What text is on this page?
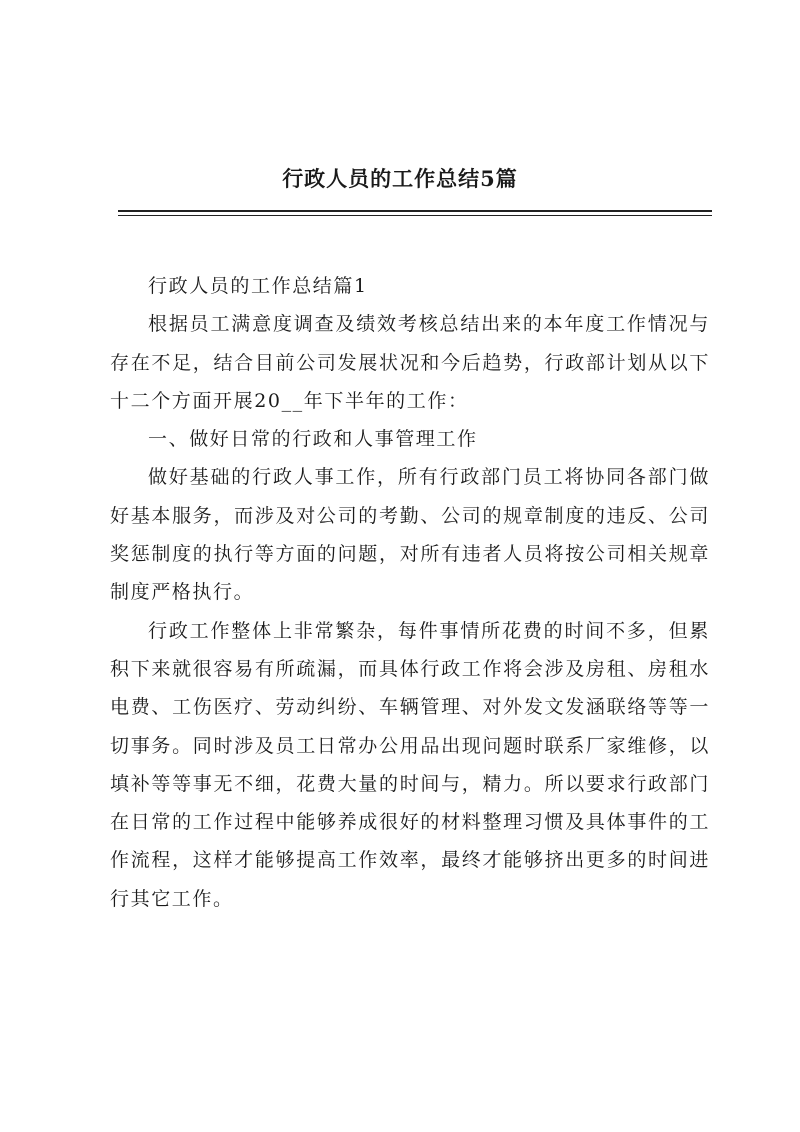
行政人员的工作总结5篇

行政人员的工作总结篇1

根据员工满意度调查及绩效考核总结出来的本年度工作情况与存在不足，结合目前公司发展状况和今后趋势，行政部计划从以下十二个方面开展20__年下半年的工作：

一、做好日常的行政和人事管理工作

做好基础的行政人事工作，所有行政部门员工将协同各部门做好基本服务，而涉及对公司的考勤、公司的规章制度的违反、公司奖惩制度的执行等方面的问题，对所有违者人员将按公司相关规章制度严格执行。

行政工作整体上非常繁杂，每件事情所花费的时间不多，但累积下来就很容易有所疏漏，而具体行政工作将会涉及房租、房租水电费、工伤医疗、劳动纠纷、车辆管理、对外发文发涵联络等等一切事务。同时涉及员工日常办公用品出现问题时联系厂家维修，以填补等等事无不细，花费大量的时间与，精力。所以要求行政部门在日常的工作过程中能够养成很好的材料整理习惯及具体事件的工作流程，这样才能够提高工作效率，最终才能够挤出更多的时间进行其它工作。
